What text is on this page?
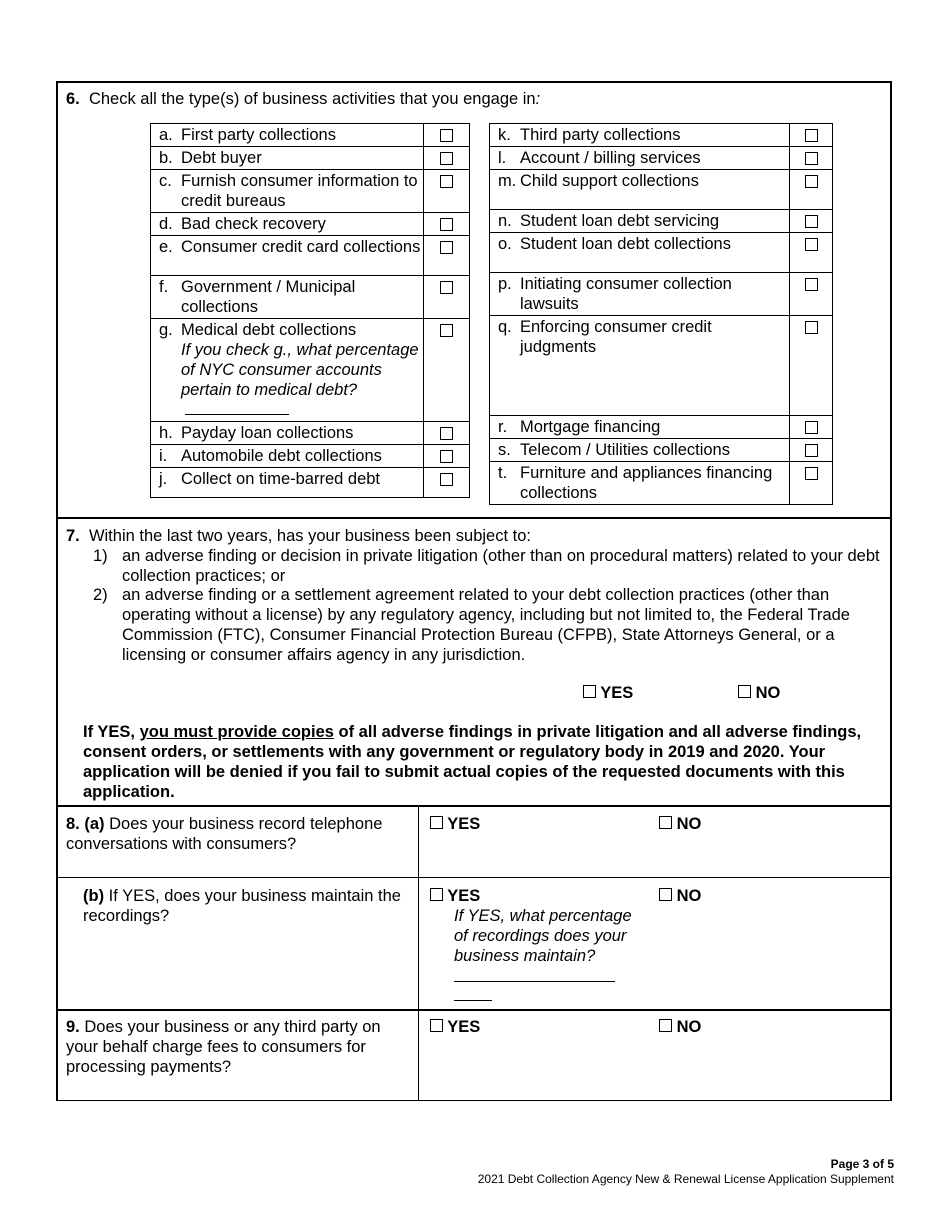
6. Check all the type(s) of business activities that you engage in:
a. First party collections	
b. Debt buyer	
c. Furnish consumer information to credit bureaus	
d. Bad check recovery	
e. Consumer credit card collections	
f. Government / Municipal collections	
g. Medical debt collections
If you check g., what percentage of NYC consumer accounts pertain to medical debt?	

h. Payday loan collections	
i. Automobile debt collections	
j. Collect on time-barred debt	
k. Third party collections	
l. Account / billing services	
m. Child support collections	
n. Student loan debt servicing	
o. Student loan debt collections	
p. Initiating consumer collection lawsuits	
q. Enforcing consumer credit judgments	
r. Mortgage financing	
s. Telecom / Utilities collections	
t. Furniture and appliances financing collections	
7. Within the last two years, has your business been subject to:
1) an adverse finding or decision in private litigation (other than on procedural matters) related to your debt collection practices; or
2) an adverse finding or a settlement agreement related to your debt collection practices (other than operating without a license) by any regulatory agency, including but not limited to, the Federal Trade Commission (FTC), Consumer Financial Protection Bureau (CFPB), State Attorneys General, or a licensing or consumer affairs agency in any jurisdiction.
YES	NO
If YES, you must provide copies of all adverse findings in private litigation and all adverse findings, consent orders, or settlements with any government or regulatory body in 2019 and 2020. Your application will be denied if you fail to submit actual copies of the requested documents with this application.
8. (a) Does your business record telephone conversations with consumers?
YES	NO
(b) If YES, does your business maintain the recordings?
YES	NO
If YES, what percentage of recordings does your business maintain?
9. Does your business or any third party on your behalf charge fees to consumers for processing payments?
YES	NO
Page 3 of 5
2021 Debt Collection Agency New & Renewal License Application Supplement
